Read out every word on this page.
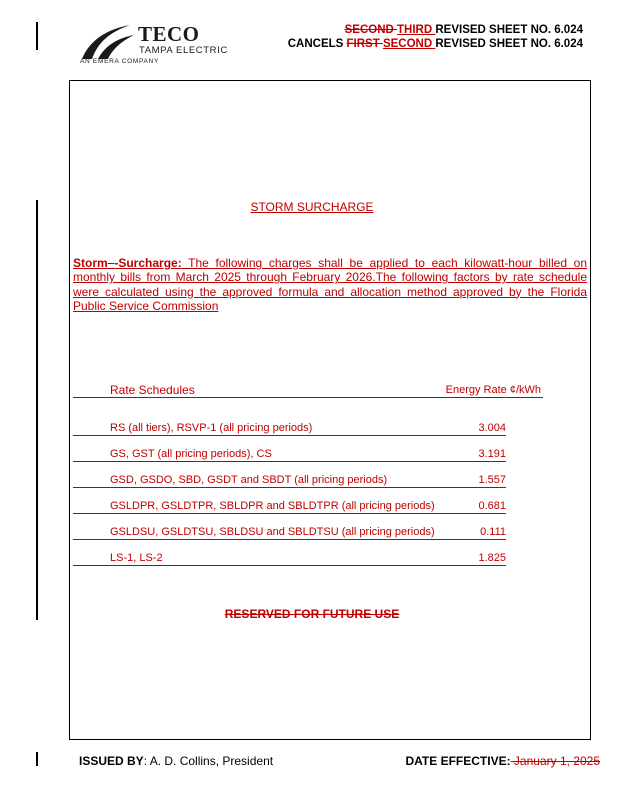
TECO
TAMPA ELECTRIC
AN EMERA COMPANY
SECOND THIRD REVISED SHEET NO. 6.024
CANCELS FIRST SECOND REVISED SHEET NO. 6.024
STORM SURCHARGE
Storm -Surcharge: The following charges shall be applied to each kilowatt-hour billed on monthly bills from March 2025 through February 2026.The following factors by rate schedule were calculated using the approved formula and allocation method approved by the Florida Public Service Commission
Rate Schedules	Energy Rate ¢/kWh
RS (all tiers), RSVP-1 (all pricing periods)	3.004
GS, GST (all pricing periods), CS	3.191
GSD, GSDO, SBD, GSDT and SBDT (all pricing periods)	1.557
GSLDPR, GSLDTPR, SBLDPR and SBLDTPR (all pricing periods)	0.681
GSLDSU, GSLDTSU, SBLDSU and SBLDTSU (all pricing periods)	0.111
LS-1, LS-2	1.825
RESERVED FOR FUTURE USE
ISSUED BY: A. D. Collins, President	DATE EFFECTIVE: January 1, 2025
